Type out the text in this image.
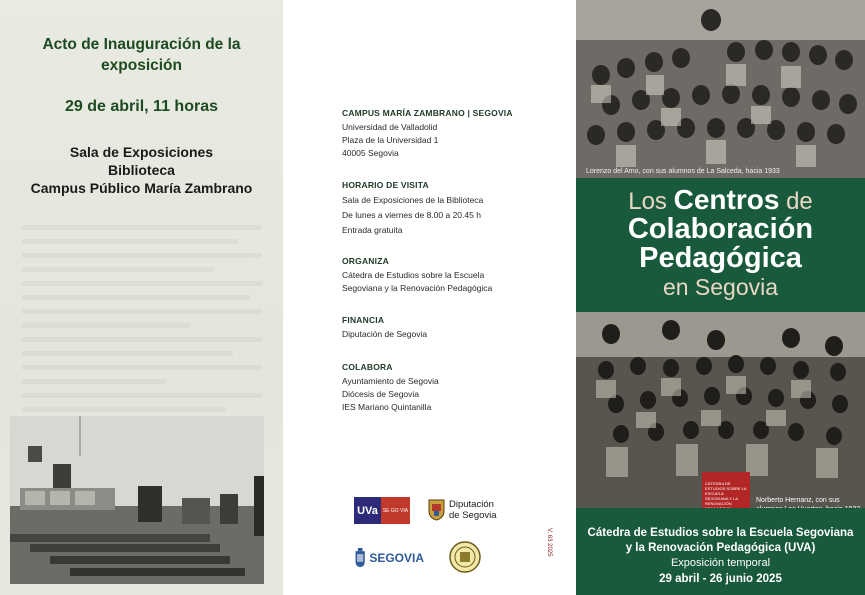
Acto de Inauguración de la exposición
29 de abril, 11 horas
Sala de Exposiciones
Biblioteca
Campus Público María Zambrano
CAMPUS MARÍA ZAMBRANO | SEGOVIA
Universidad de Valladolid
Plaza de la Universidad 1
40005 Segovia
HORARIO DE VISITA
Sala de Exposiciones de la Biblioteca
De lunes a viernes de 8.00 a 20.45 h
Entrada gratuita
ORGANIZA
Cátedra de Estudios sobre la Escuela
Segoviana y la Renovación Pedagógica
FINANCIA
Diputación de Segovia
COLABORA
Ayuntamiento de Segovia
Diócesis de Segovia
IES Mariano Quintanilla
UVa SE GO VIA
Diputación
de Segovia
SEGOVIA
V. 63 2025
Lorenzo del Amo, con sus alumnos de La Salceda, hacia 1933
Los Centros de
Colaboración
Pedagógica
en Segovia
CÁTEDRA DE ESTUDIOS SOBRE LA ESCUELA SEGOVIANA Y LA RENOVACIÓN	Norberto Hernanz, con sus
Cátedra de Estudios sobre la Escuela Segoviana
y la Renovación Pedagógica (UVA)
Exposición temporal
29 abril - 26 junio 2025
